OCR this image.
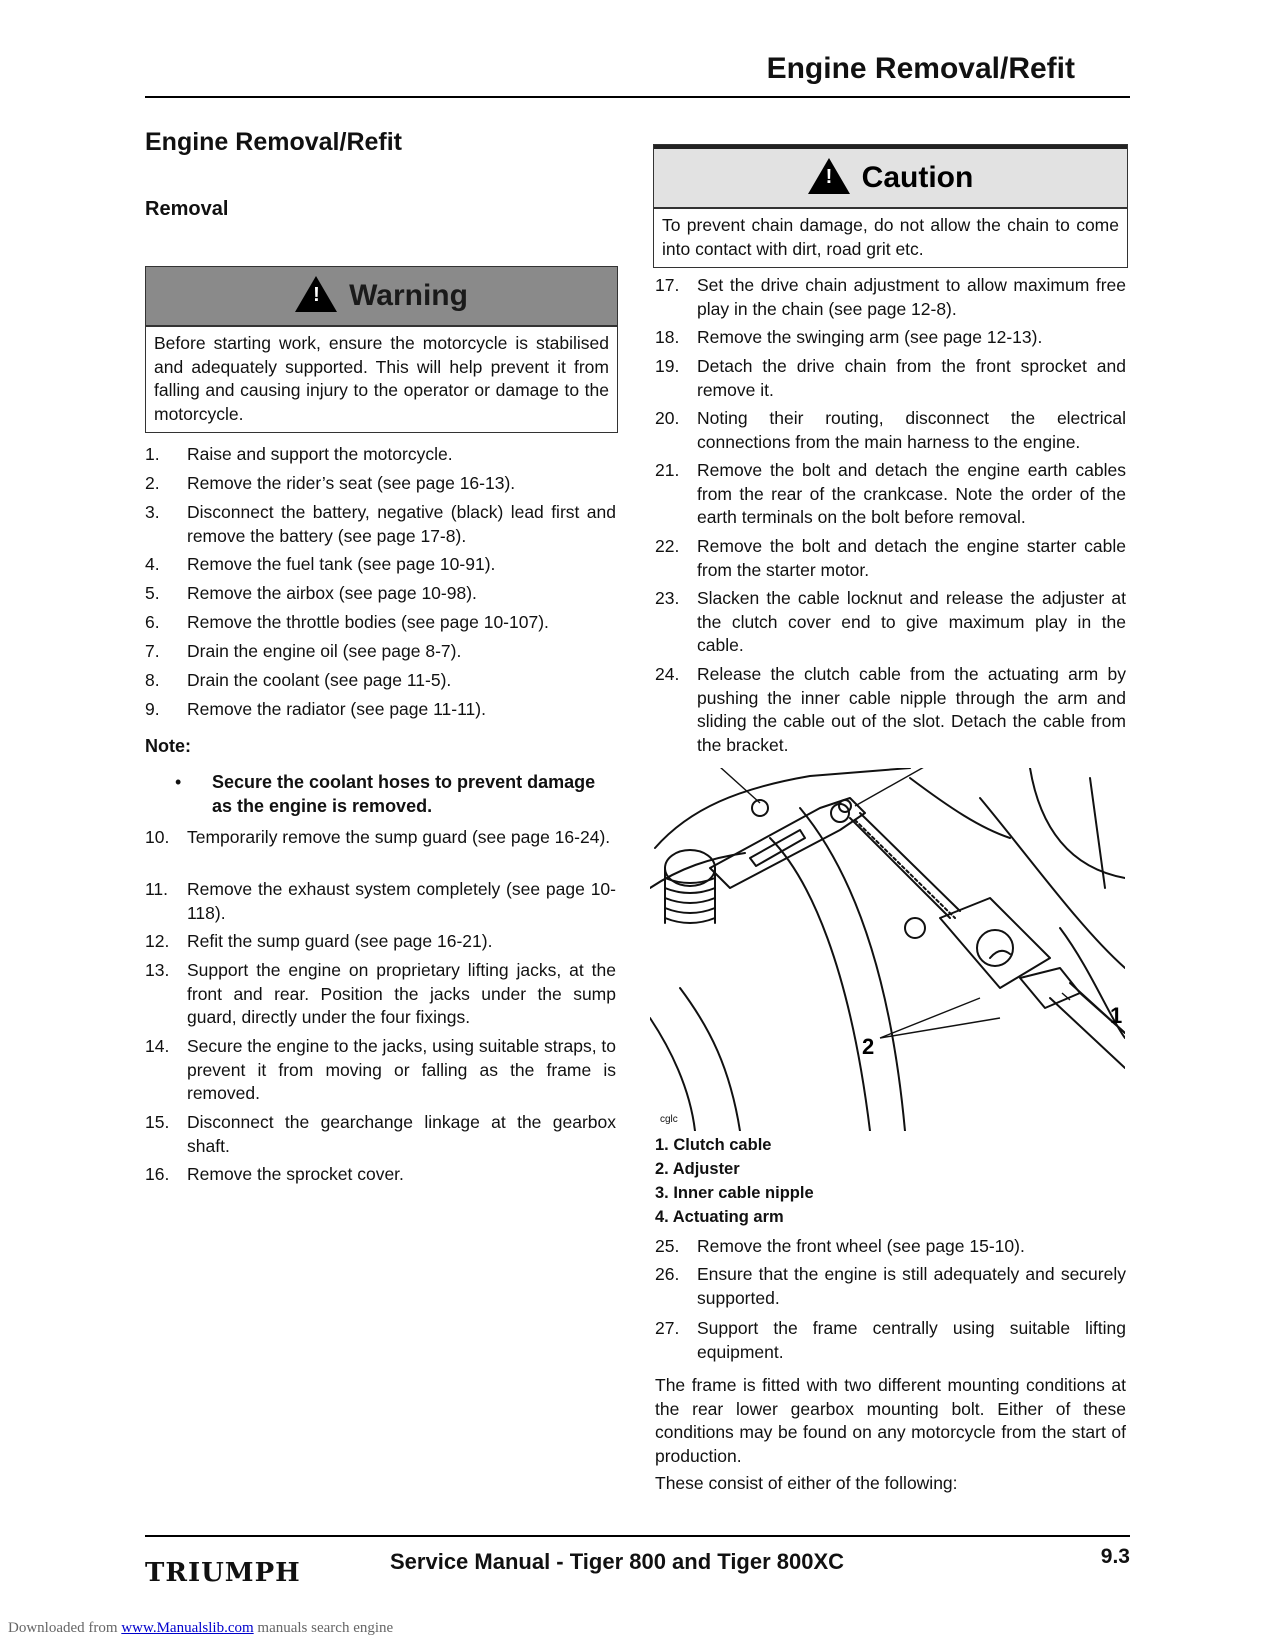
Engine Removal/Refit
Engine Removal/Refit
Removal
! Warning
Before starting work, ensure the motorcycle is stabilised and adequately supported. This will help prevent it from falling and causing injury to the operator or damage to the motorcycle.
1. Raise and support the motorcycle.
2. Remove the rider’s seat (see page 16-13).
3. Disconnect the battery, negative (black) lead first and remove the battery (see page 17-8).
4. Remove the fuel tank (see page 10-91).
5. Remove the airbox (see page 10-98).
6. Remove the throttle bodies (see page 10-107).
7. Drain the engine oil (see page 8-7).
8. Drain the coolant (see page 11-5).
9. Remove the radiator (see page 11-11).
Note:
• Secure the coolant hoses to prevent damage as the engine is removed.
10. Temporarily remove the sump guard (see page 16-24).
11. Remove the exhaust system completely (see page 10-118).
12. Refit the sump guard (see page 16-21).
13. Support the engine on proprietary lifting jacks, at the front and rear. Position the jacks under the sump guard, directly under the four fixings.
14. Secure the engine to the jacks, using suitable straps, to prevent it from moving or falling as the frame is removed.
15. Disconnect the gearchange linkage at the gearbox shaft.
16. Remove the sprocket cover.
! Caution
To prevent chain damage, do not allow the chain to come into contact with dirt, road grit etc.
17. Set the drive chain adjustment to allow maximum free play in the chain (see page 12-8).
18. Remove the swinging arm (see page 12-13).
19. Detach the drive chain from the front sprocket and remove it.
20. Noting their routing, disconnect the electrical connections from the main harness to the engine.
21. Remove the bolt and detach the engine earth cables from the rear of the crankcase. Note the order of the earth terminals on the bolt before removal.
22. Remove the bolt and detach the engine starter cable from the starter motor.
23. Slacken the cable locknut and release the adjuster at the clutch cover end to give maximum play in the cable.
24. Release the clutch cable from the actuating arm by pushing the inner cable nipple through the arm and sliding the cable out of the slot. Detach the cable from the bracket.
2
1
cglc
1. Clutch cable
2. Adjuster
3. Inner cable nipple
4. Actuating arm
25. Remove the front wheel (see page 15-10).
26. Ensure that the engine is still adequately and securely supported.
27. Support the frame centrally using suitable lifting equipment.
The frame is fitted with two different mounting conditions at the rear lower gearbox mounting bolt. Either of these conditions may be found on any motorcycle from the start of production.
These consist of either of the following:
TRIUMPH	Service Manual - Tiger 800 and Tiger 800XC	9.3
Downloaded from www.Manualslib.com manuals search engine
